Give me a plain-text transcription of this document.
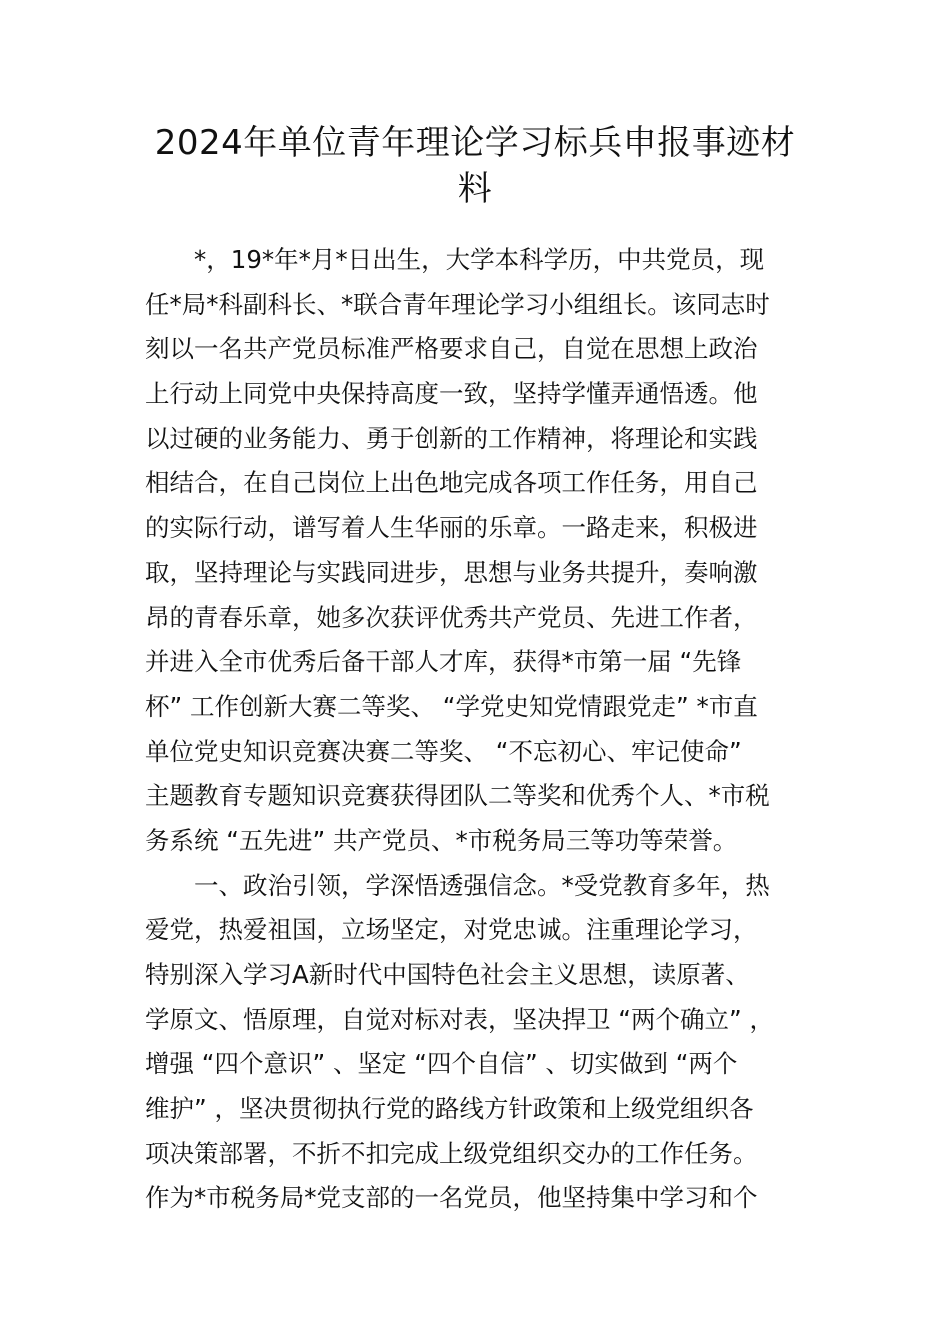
2024年单位青年理论学习标兵申报事迹材
料
*，19*年*月*日出生，大学本科学历，中共党员，现
任*局*科副科长、*联合青年理论学习小组组长。该同志时
刻以一名共产党员标准严格要求自己，自觉在思想上政治
上行动上同党中央保持高度一致，坚持学懂弄通悟透。他
以过硬的业务能力、勇于创新的工作精神，将理论和实践
相结合，在自己岗位上出色地完成各项工作任务，用自己
的实际行动，谱写着人生华丽的乐章。一路走来，积极进
取，坚持理论与实践同进步，思想与业务共提升，奏响激
昂的青春乐章，她多次获评优秀共产党员、先进工作者，
并进入全市优秀后备干部人才库，获得*市第一届 “先锋
杯” 工作创新大赛二等奖、 “学党史知党情跟党走” *市直
单位党史知识竞赛决赛二等奖、 “不忘初心、牢记使命”
主题教育专题知识竞赛获得团队二等奖和优秀个人、*市税
务系统 “五先进” 共产党员、*市税务局三等功等荣誉。
一、政治引领，学深悟透强信念。*受党教育多年，热
爱党，热爱祖国，立场坚定，对党忠诚。注重理论学习，
特别深入学习A新时代中国特色社会主义思想，读原著、
学原文、悟原理，自觉对标对表，坚决捍卫 “两个确立” ，
增强 “四个意识” 、坚定 “四个自信” 、切实做到 “两个
维护” ，坚决贯彻执行党的路线方针政策和上级党组织各
项决策部署，不折不扣完成上级党组织交办的工作任务。
作为*市税务局*党支部的一名党员，他坚持集中学习和个
